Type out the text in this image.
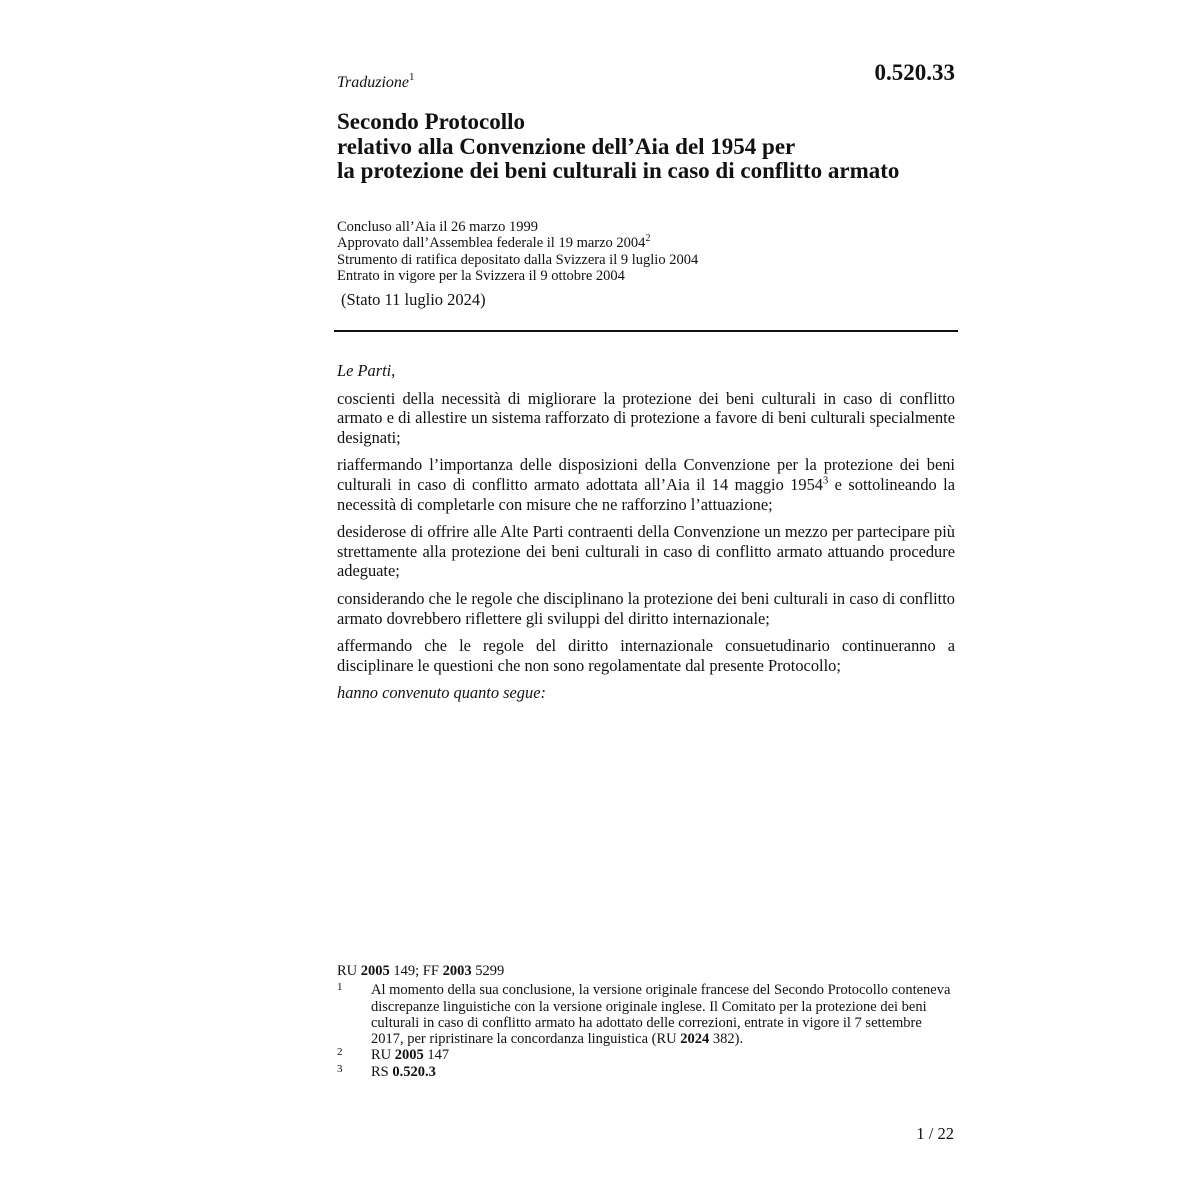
Traduzione$^1$	0.520.33
Secondo Protocollo
relativo alla Convenzione dell’Aia del 1954 per
la protezione dei beni culturali in caso di conflitto armato
Concluso all’Aia il 26 marzo 1999
Approvato dall’Assemblea federale il 19 marzo 2004$^2$
Strumento di ratifica depositato dalla Svizzera il 9 luglio 2004
Entrato in vigore per la Svizzera il 9 ottobre 2004
(Stato 11 luglio 2024)

Le Parti,

coscienti della necessità di migliorare la protezione dei beni culturali in caso di conflitto armato e di allestire un sistema rafforzato di protezione a favore di beni culturali specialmente designati;

riaffermando l’importanza delle disposizioni della Convenzione per la protezione dei beni culturali in caso di conflitto armato adottata all’Aia il 14 maggio 1954$^3$ e sottolineando la necessità di completarle con misure che ne rafforzino l’attuazione;

desiderose di offrire alle Alte Parti contraenti della Convenzione un mezzo per partecipare più strettamente alla protezione dei beni culturali in caso di conflitto armato attuando procedure adeguate;

considerando che le regole che disciplinano la protezione dei beni culturali in caso di conflitto armato dovrebbero riflettere gli sviluppi del diritto internazionale;

affermando che le regole del diritto internazionale consuetudinario continueranno a disciplinare le questioni che non sono regolamentate dal presente Protocollo;

hanno convenuto quanto segue:

RU 2005 149; FF 2003 5299

1 Al momento della sua conclusione, la versione originale francese del Secondo Protocollo conteneva discrepanze linguistiche con la versione originale inglese. Il Comitato per la protezione dei beni culturali in caso di conflitto armato ha adottato delle correzioni, entrate in vigore il 7 settembre 2017, per ripristinare la concordanza linguistica (RU 2024 382).
2 RU 2005 147
3 RS 0.520.3
1 / 22
